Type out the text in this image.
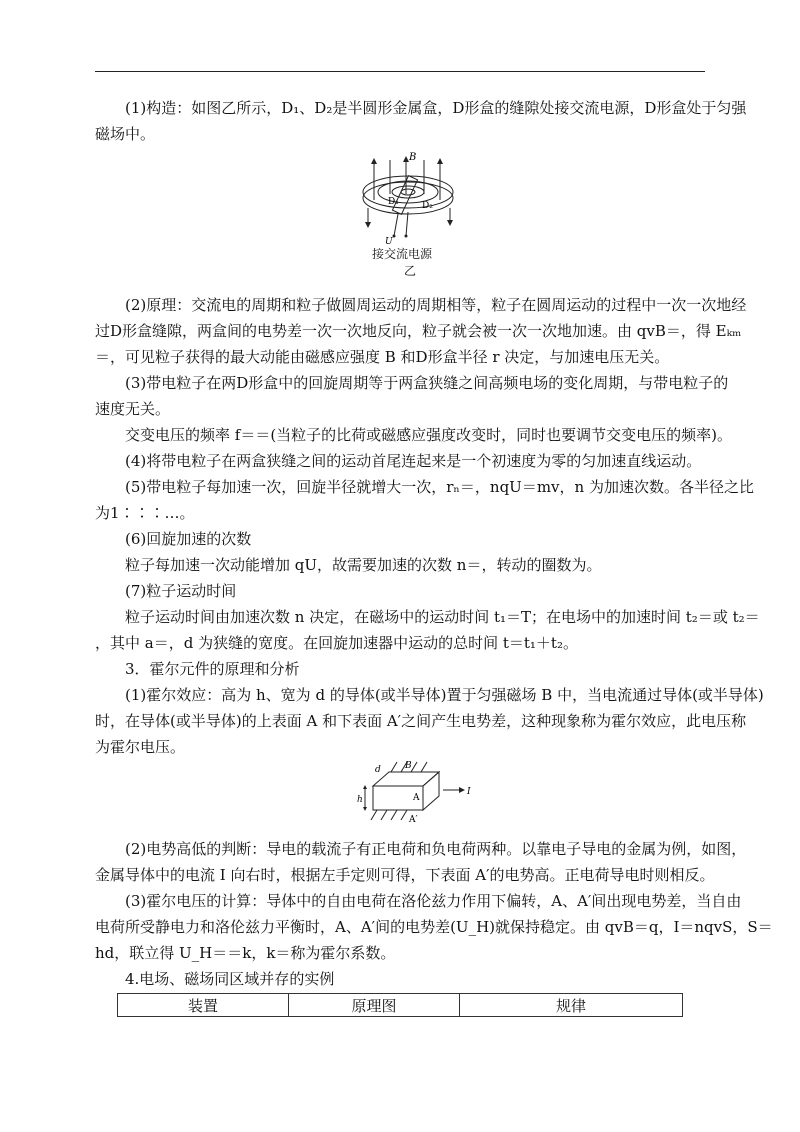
(1)构造：如图乙所示，D₁、D₂是半圆形金属盒，D形盒的缝隙处接交流电源，D形盒处于匀强
磁场中。
B
D₁	D₂
U
接交流电源
乙
(2)原理：交流电的周期和粒子做圆周运动的周期相等，粒子在圆周运动的过程中一次一次地经
过D形盒缝隙，两盒间的电势差一次一次地反向，粒子就会被一次一次地加速。由 qvB＝，得 Eₖₘ
＝，可见粒子获得的最大动能由磁感应强度 B 和D形盒半径 r 决定，与加速电压无关。
(3)带电粒子在两D形盒中的回旋周期等于两盒狭缝之间高频电场的变化周期，与带电粒子的
速度无关。
交变电压的频率 f＝＝(当粒子的比荷或磁感应强度改变时，同时也要调节交变电压的频率)。
(4)将带电粒子在两盒狭缝之间的运动首尾连起来是一个初速度为零的匀加速直线运动。
(5)带电粒子每加速一次，回旋半径就增大一次，rₙ＝，nqU＝mv，n 为加速次数。各半径之比
为1∶∶∶…。
(6)回旋加速的次数
粒子每加速一次动能增加 qU，故需要加速的次数 n＝，转动的圈数为。
(7)粒子运动时间
粒子运动时间由加速次数 n 决定，在磁场中的运动时间 t₁＝T；在电场中的加速时间 t₂＝或 t₂＝
，其中 a＝，d 为狭缝的宽度。在回旋加速器中运动的总时间 t＝t₁＋t₂。
3．霍尔元件的原理和分析
(1)霍尔效应：高为 h、宽为 d 的导体(或半导体)置于匀强磁场 B 中，当电流通过导体(或半导体)
时，在导体(或半导体)的上表面 A 和下表面 A′之间产生电势差，这种现象称为霍尔效应，此电压称
为霍尔电压。
B
d
h	A
A′
I
(2)电势高低的判断：导电的载流子有正电荷和负电荷两种。以靠电子导电的金属为例，如图，
金属导体中的电流 I 向右时，根据左手定则可得，下表面 A′的电势高。正电荷导电时则相反。
(3)霍尔电压的计算：导体中的自由电荷在洛伦兹力作用下偏转，A、A′间出现电势差，当自由
电荷所受静电力和洛伦兹力平衡时，A、A′间的电势差(U_H)就保持稳定。由 qvB＝q，I＝nqvS，S＝
hd，联立得 U_H＝＝k，k＝称为霍尔系数。
4.电场、磁场同区域并存的实例
装置	原理图	规律
